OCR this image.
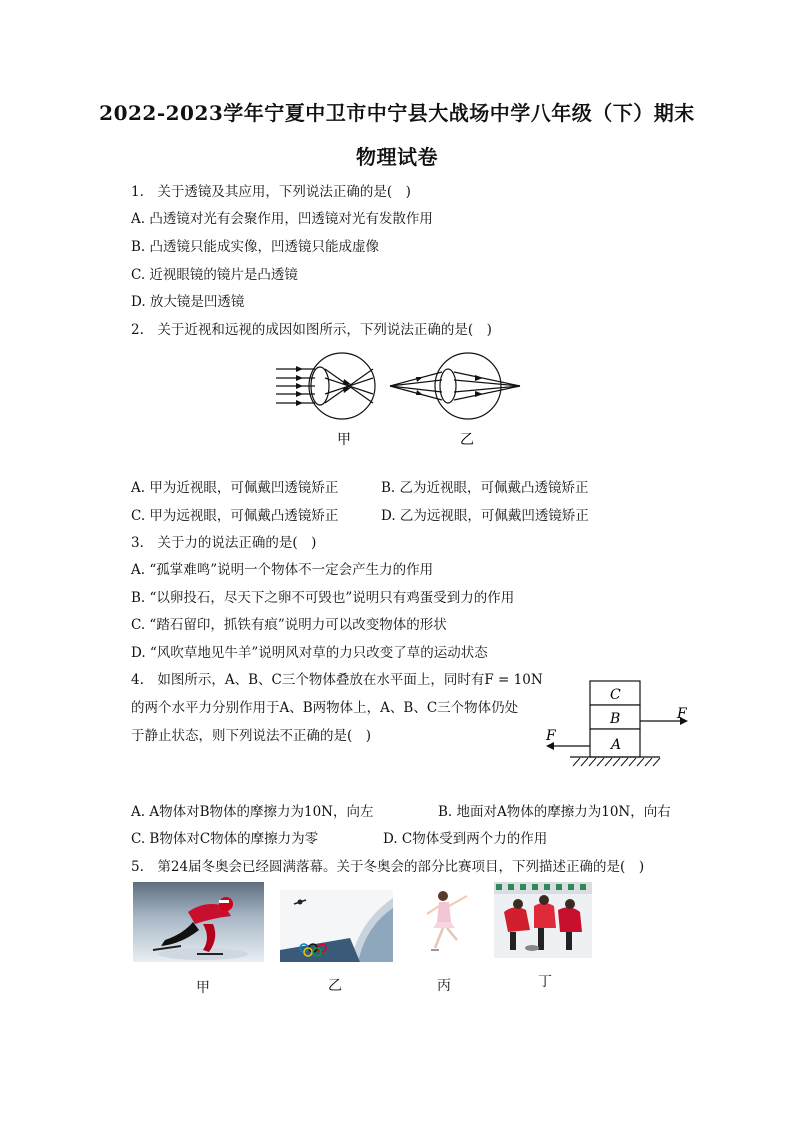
2022-2023学年宁夏中卫市中宁县大战场中学八年级（下）期末
物理试卷
1.　关于透镜及其应用，下列说法正确的是(　)
A. 凸透镜对光有会聚作用，凹透镜对光有发散作用
B. 凸透镜只能成实像，凹透镜只能成虚像
C. 近视眼镜的镜片是凸透镜
D. 放大镜是凹透镜
2.　关于近视和远视的成因如图所示，下列说法正确的是(　)
甲	乙
A. 甲为近视眼，可佩戴凹透镜矫正	B. 乙为近视眼，可佩戴凸透镜矫正
C. 甲为远视眼，可佩戴凸透镜矫正	D. 乙为远视眼，可佩戴凹透镜矫正
3.　关于力的说法正确的是(　)
A. “孤掌难鸣”说明一个物体不一定会产生力的作用
B. “以卵投石，尽天下之卵不可毁也”说明只有鸡蛋受到力的作用
C. “踏石留印，抓铁有痕”说明力可以改变物体的形状
D. “风吹草地见牛羊”说明风对草的力只改变了草的运动状态
4.　如图所示，A、B、C三个物体叠放在水平面上，同时有F = 10N
的两个水平力分别作用于A、B两物体上，A、B、C三个物体仍处
于静止状态，则下列说法不正确的是(　)
C
B
A
F
F
A. A物体对B物体的摩擦力为10N，向左	B. 地面对A物体的摩擦力为10N，向右
C. B物体对C物体的摩擦力为零	D. C物体受到两个力的作用
5.　第24届冬奥会已经圆满落幕。关于冬奥会的部分比赛项目，下列描述正确的是(　)
甲	乙	丙	丁
